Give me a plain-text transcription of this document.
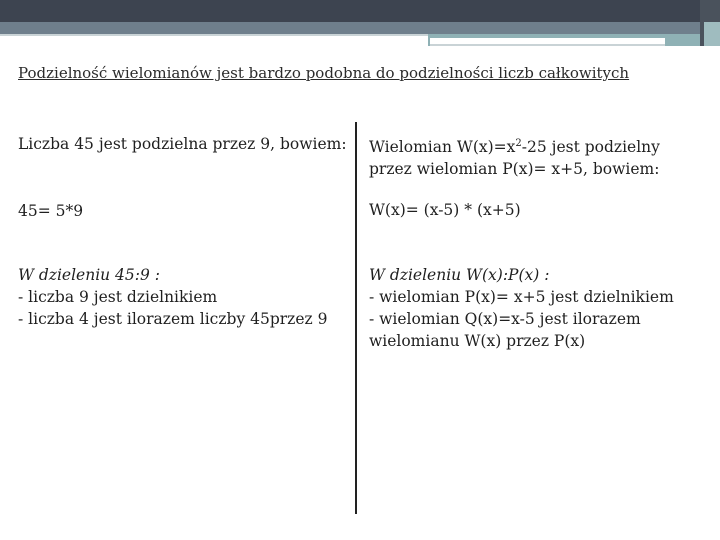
Podzielność wielomianów jest bardzo podobna do podzielności liczb całkowitych
Liczba 45 jest podzielna przez 9, bowiem:
45= 5*9
W dzieleniu 45:9 :
- liczba 9 jest dzielnikiem
- liczba 4 jest ilorazem liczby 45przez 9
Wielomian $W(x)=x^2-25$ jest podzielny
przez wielomian P(x)= x+5, bowiem:
W(x)= (x-5) * (x+5)
W dzieleniu W(x):P(x) :
- wielomian P(x)= x+5 jest dzielnikiem
- wielomian Q(x)=x-5 jest ilorazem
wielomianu W(x) przez P(x)
